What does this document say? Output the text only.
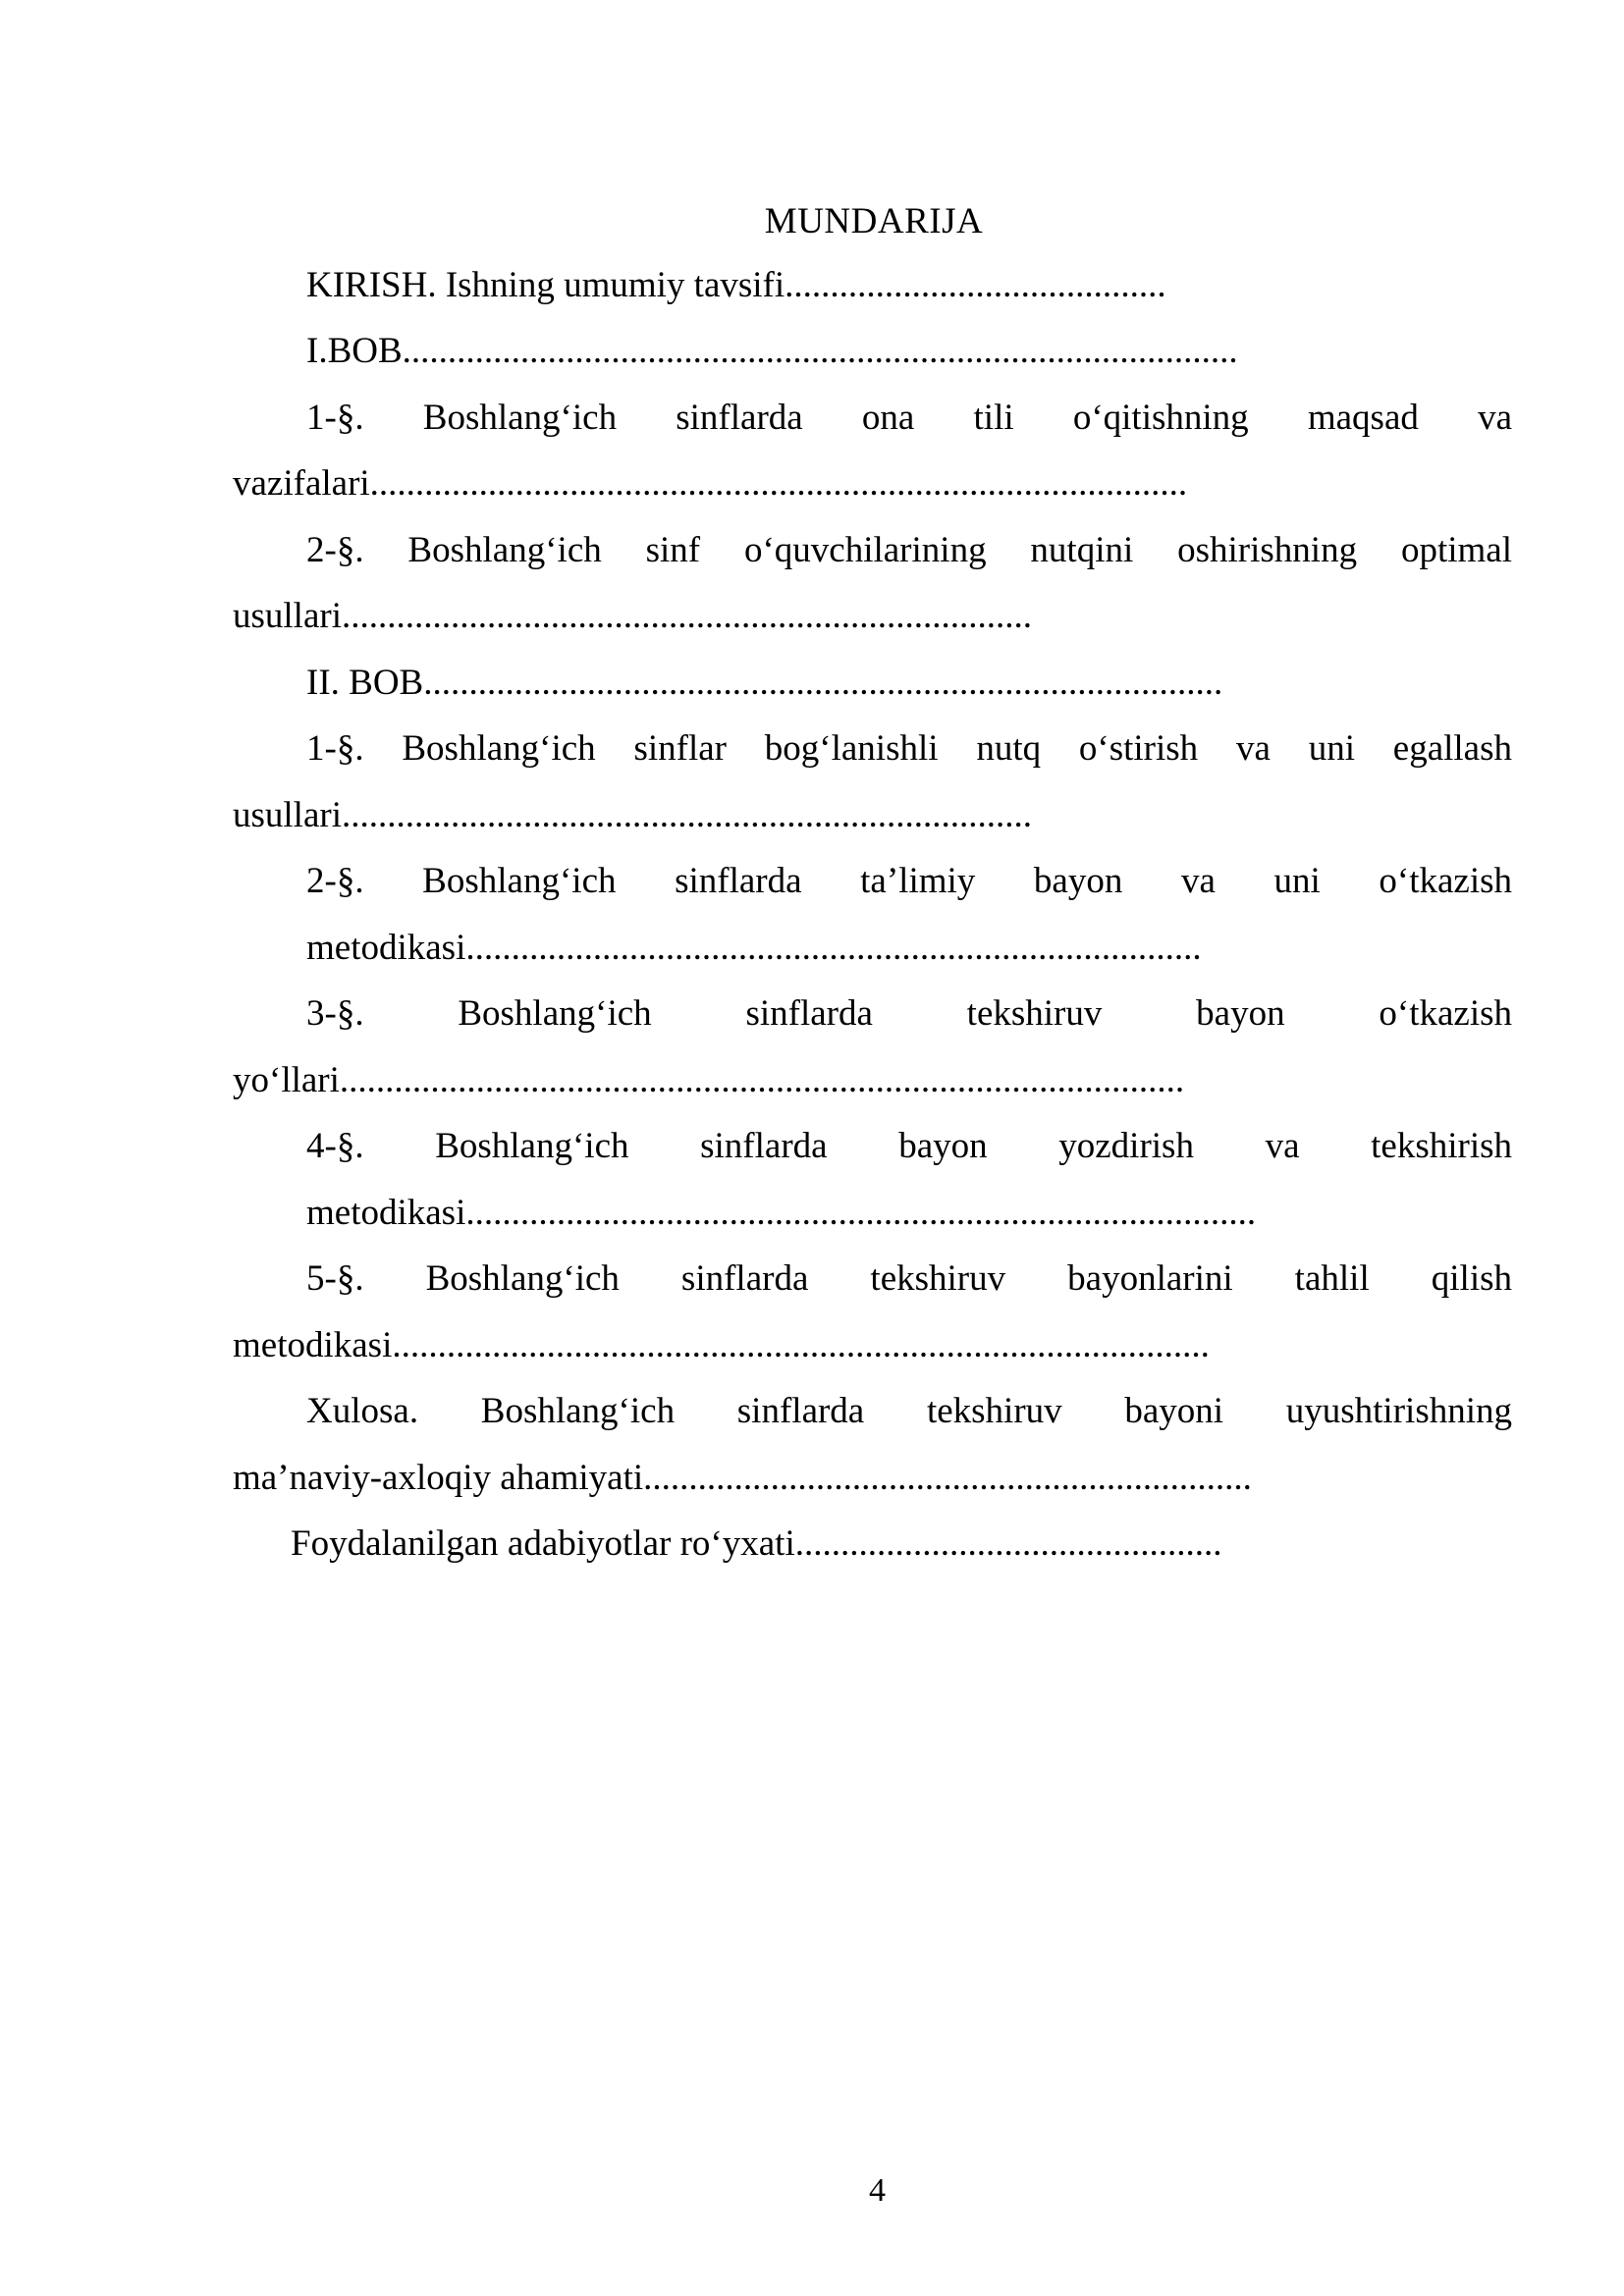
MUNDARIJA
KIRISH. Ishning umumiy tavsifi..........................................
I.BOB............................................................................................
1-§. Boshlang‘ich sinflarda ona tili o‘qitishning maqsad va
vazifalari..........................................................................................
2-§. Boshlang‘ich sinf o‘quvchilarining nutqini oshirishning optimal
usullari............................................................................
II. BOB........................................................................................
1-§. Boshlang‘ich sinflar bog‘lanishli nutq o‘stirish va uni egallash
usullari............................................................................
2-§. Boshlang‘ich sinflarda ta’limiy bayon va uni o‘tkazish
metodikasi.................................................................................
3-§. Boshlang‘ich sinflarda tekshiruv bayon o‘tkazish
yo‘llari.............................................................................................
4-§. Boshlang‘ich sinflarda bayon yozdirish va tekshirish
metodikasi.......................................................................................
5-§. Boshlang‘ich sinflarda tekshiruv bayonlarini tahlil qilish
metodikasi..........................................................................................
Xulosa. Boshlang‘ich sinflarda tekshiruv bayoni uyushtirishning
ma’naviy-axloqiy ahamiyati...................................................................
Foydalanilgan adabiyotlar ro‘yxati...............................................
4
